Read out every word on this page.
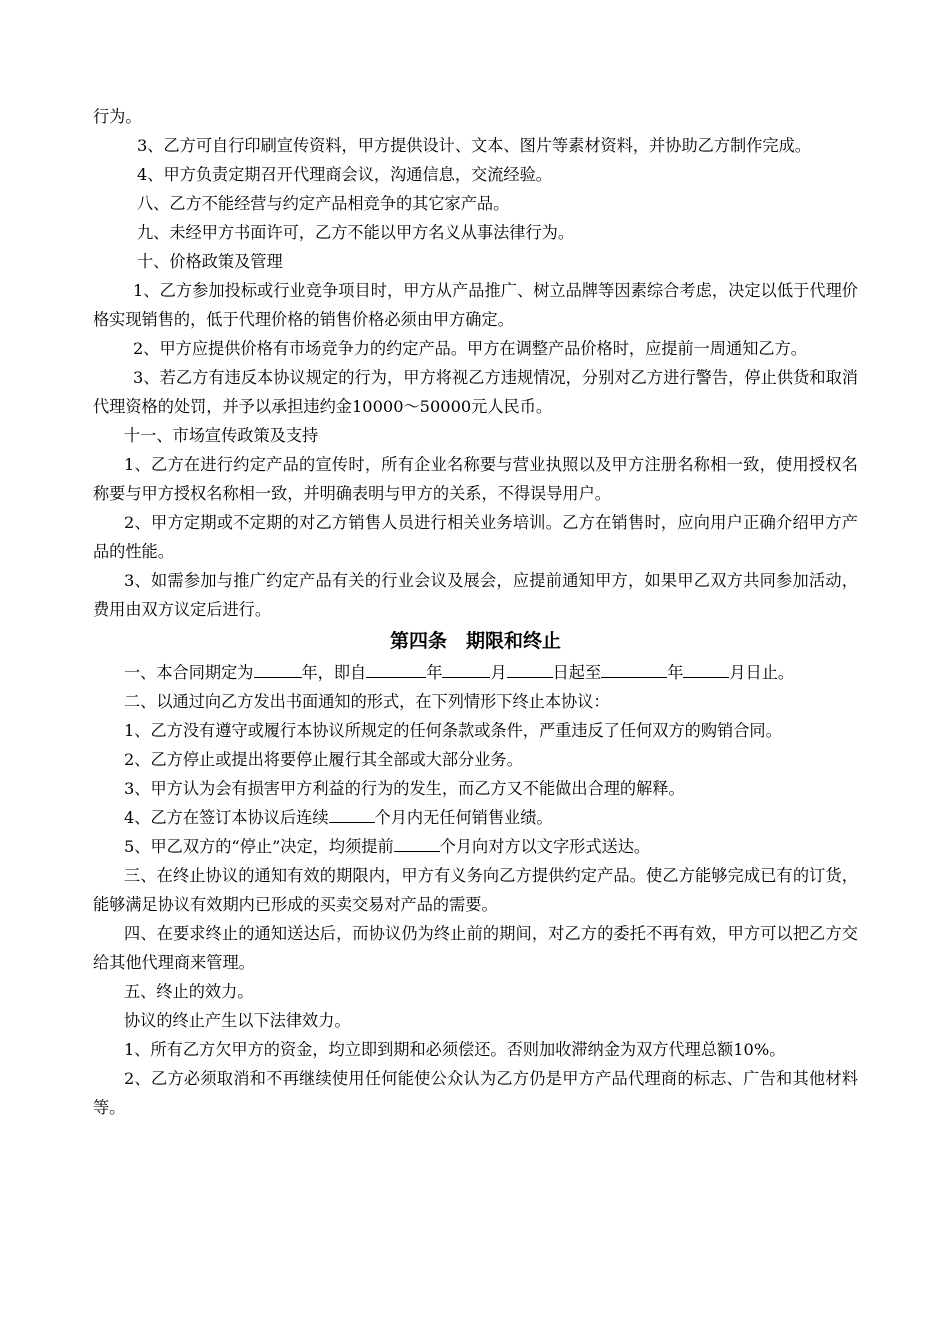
行为。

3、乙方可自行印刷宣传资料，甲方提供设计、文本、图片等素材资料，并协助乙方制作完成。

4、甲方负责定期召开代理商会议，沟通信息，交流经验。

八、乙方不能经营与约定产品相竞争的其它家产品。

九、未经甲方书面许可，乙方不能以甲方名义从事法律行为。

十、价格政策及管理

1、乙方参加投标或行业竞争项目时，甲方从产品推广、树立品牌等因素综合考虑，决定以低于代理价格实现销售的，低于代理价格的销售价格必须由甲方确定。

2、甲方应提供价格有市场竞争力的约定产品。甲方在调整产品价格时，应提前一周通知乙方。

3、若乙方有违反本协议规定的行为，甲方将视乙方违规情况，分别对乙方进行警告，停止供货和取消代理资格的处罚，并予以承担违约金10000～50000元人民币。

十一、市场宣传政策及支持

1、乙方在进行约定产品的宣传时，所有企业名称要与营业执照以及甲方注册名称相一致，使用授权名称要与甲方授权名称相一致，并明确表明与甲方的关系，不得误导用户。

2、甲方定期或不定期的对乙方销售人员进行相关业务培训。乙方在销售时，应向用户正确介绍甲方产品的性能。

3、如需参加与推广约定产品有关的行业会议及展会，应提前通知甲方，如果甲乙双方共同参加活动，费用由双方议定后进行。

第四条　期限和终止

一、本合同期定为	年，即自	年	月	日起至	年	月日止。

二、以通过向乙方发出书面通知的形式，在下列情形下终止本协议：

1、乙方没有遵守或履行本协议所规定的任何条款或条件，严重违反了任何双方的购销合同。

2、乙方停止或提出将要停止履行其全部或大部分业务。

3、甲方认为会有损害甲方利益的行为的发生，而乙方又不能做出合理的解释。

4、乙方在签订本协议后连续	个月内无任何销售业绩。

5、甲乙双方的“停止”决定，均须提前	个月向对方以文字形式送达。

三、在终止协议的通知有效的期限内，甲方有义务向乙方提供约定产品。使乙方能够完成已有的订货，能够满足协议有效期内已形成的买卖交易对产品的需要。

四、在要求终止的通知送达后，而协议仍为终止前的期间，对乙方的委托不再有效，甲方可以把乙方交给其他代理商来管理。

五、终止的效力。

协议的终止产生以下法律效力。

1、所有乙方欠甲方的资金，均立即到期和必须偿还。否则加收滞纳金为双方代理总额10%。

2、乙方必须取消和不再继续使用任何能使公众认为乙方仍是甲方产品代理商的标志、广告和其他材料等。
